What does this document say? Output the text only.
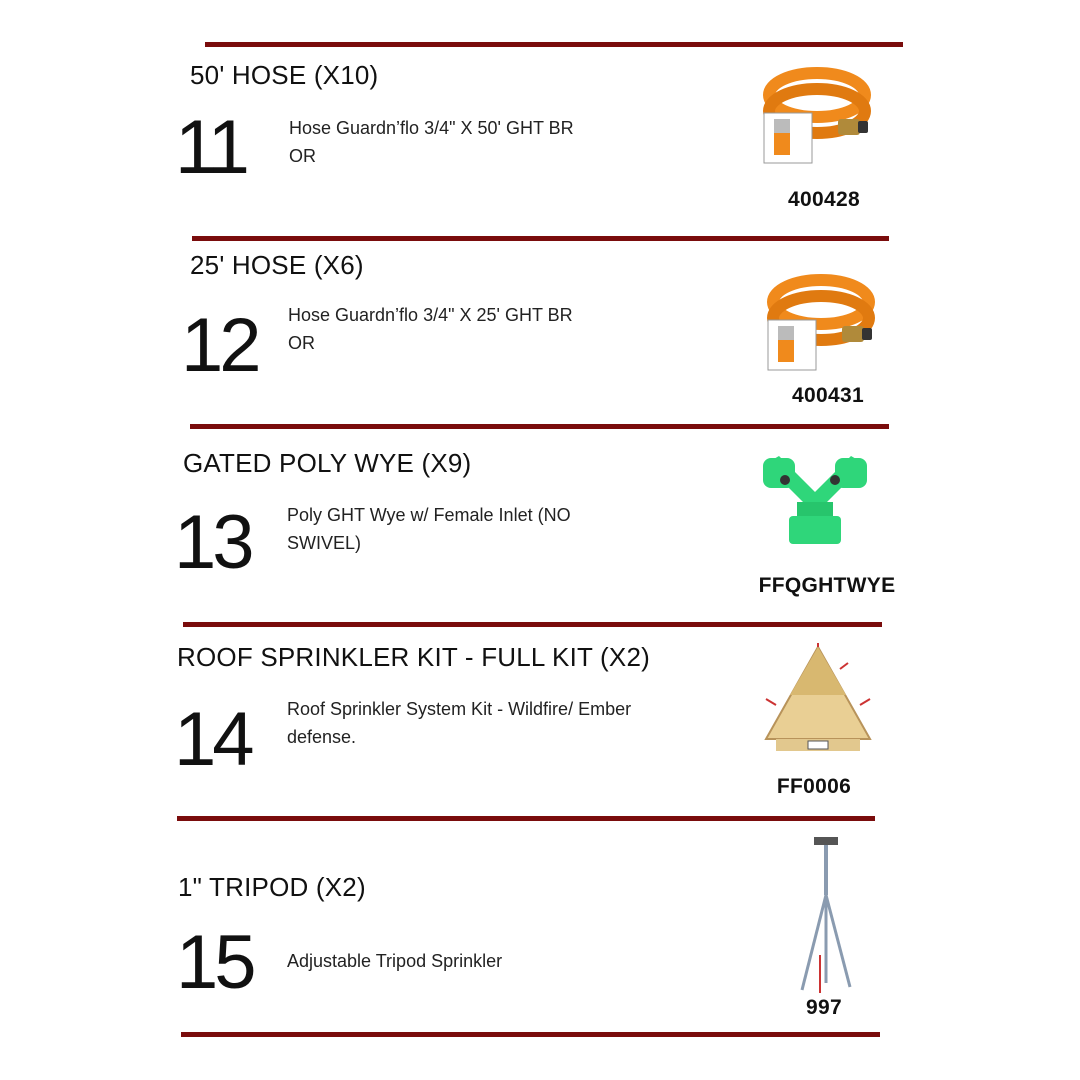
50' HOSE (X10)
11 Hose Guardn’flo 3/4" X 50' GHT BR
OR
400428
25' HOSE (X6)
12 Hose Guardn’flo 3/4" X 25' GHT BR
OR
400431
GATED POLY WYE (X9)
13 Poly GHT Wye w/ Female Inlet (NO
SWIVEL)
FFQGHTWYE
ROOF SPRINKLER KIT - FULL KIT (X2)
14 Roof Sprinkler System Kit - Wildfire/ Ember
defense.
FF0006
1" TRIPOD (X2)
15 Adjustable Tripod Sprinkler
997
